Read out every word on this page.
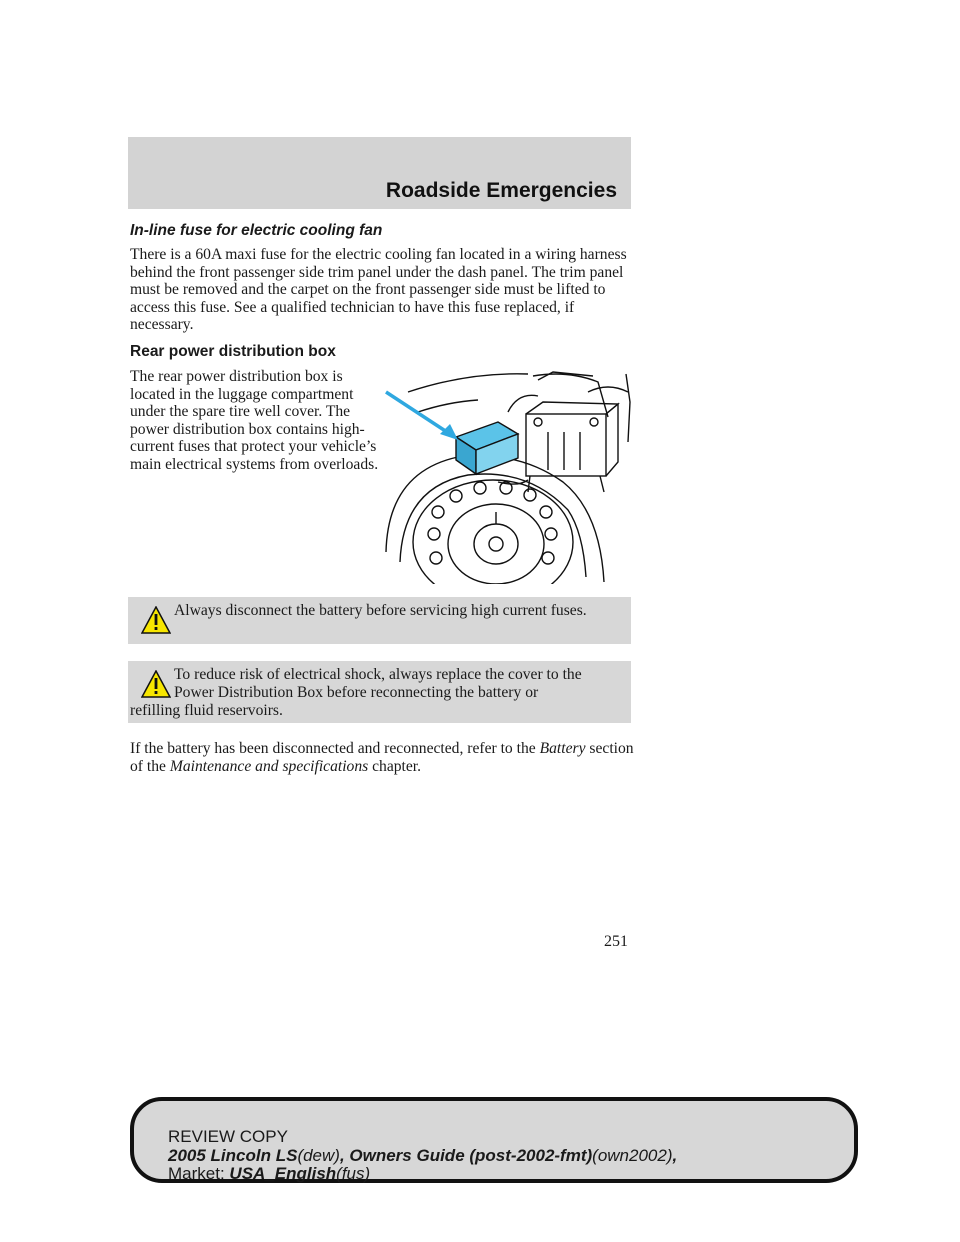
Roadside Emergencies
In-line fuse for electric cooling fan

There is a 60A maxi fuse for the electric cooling fan located in a wiring harness behind the front passenger side trim panel under the dash panel. The trim panel must be removed and the carpet on the front passenger side must be lifted to access this fuse. See a qualified technician to have this fuse replaced, if necessary.

Rear power distribution box

The rear power distribution box is located in the luggage compartment under the spare tire well cover. The power distribution box contains high-current fuses that protect your vehicle’s main electrical systems from overloads.

Always disconnect the battery before servicing high current fuses.

To reduce risk of electrical shock, always replace the cover to the Power Distribution Box before reconnecting the battery or

refilling fluid reservoirs.

If the battery has been disconnected and reconnected, refer to the Battery section of the Maintenance and specifications chapter.

251
REVIEW COPY
2005 Lincoln LS(dew), Owners Guide (post-2002-fmt)(own2002),
Market: USA_English(fus)
